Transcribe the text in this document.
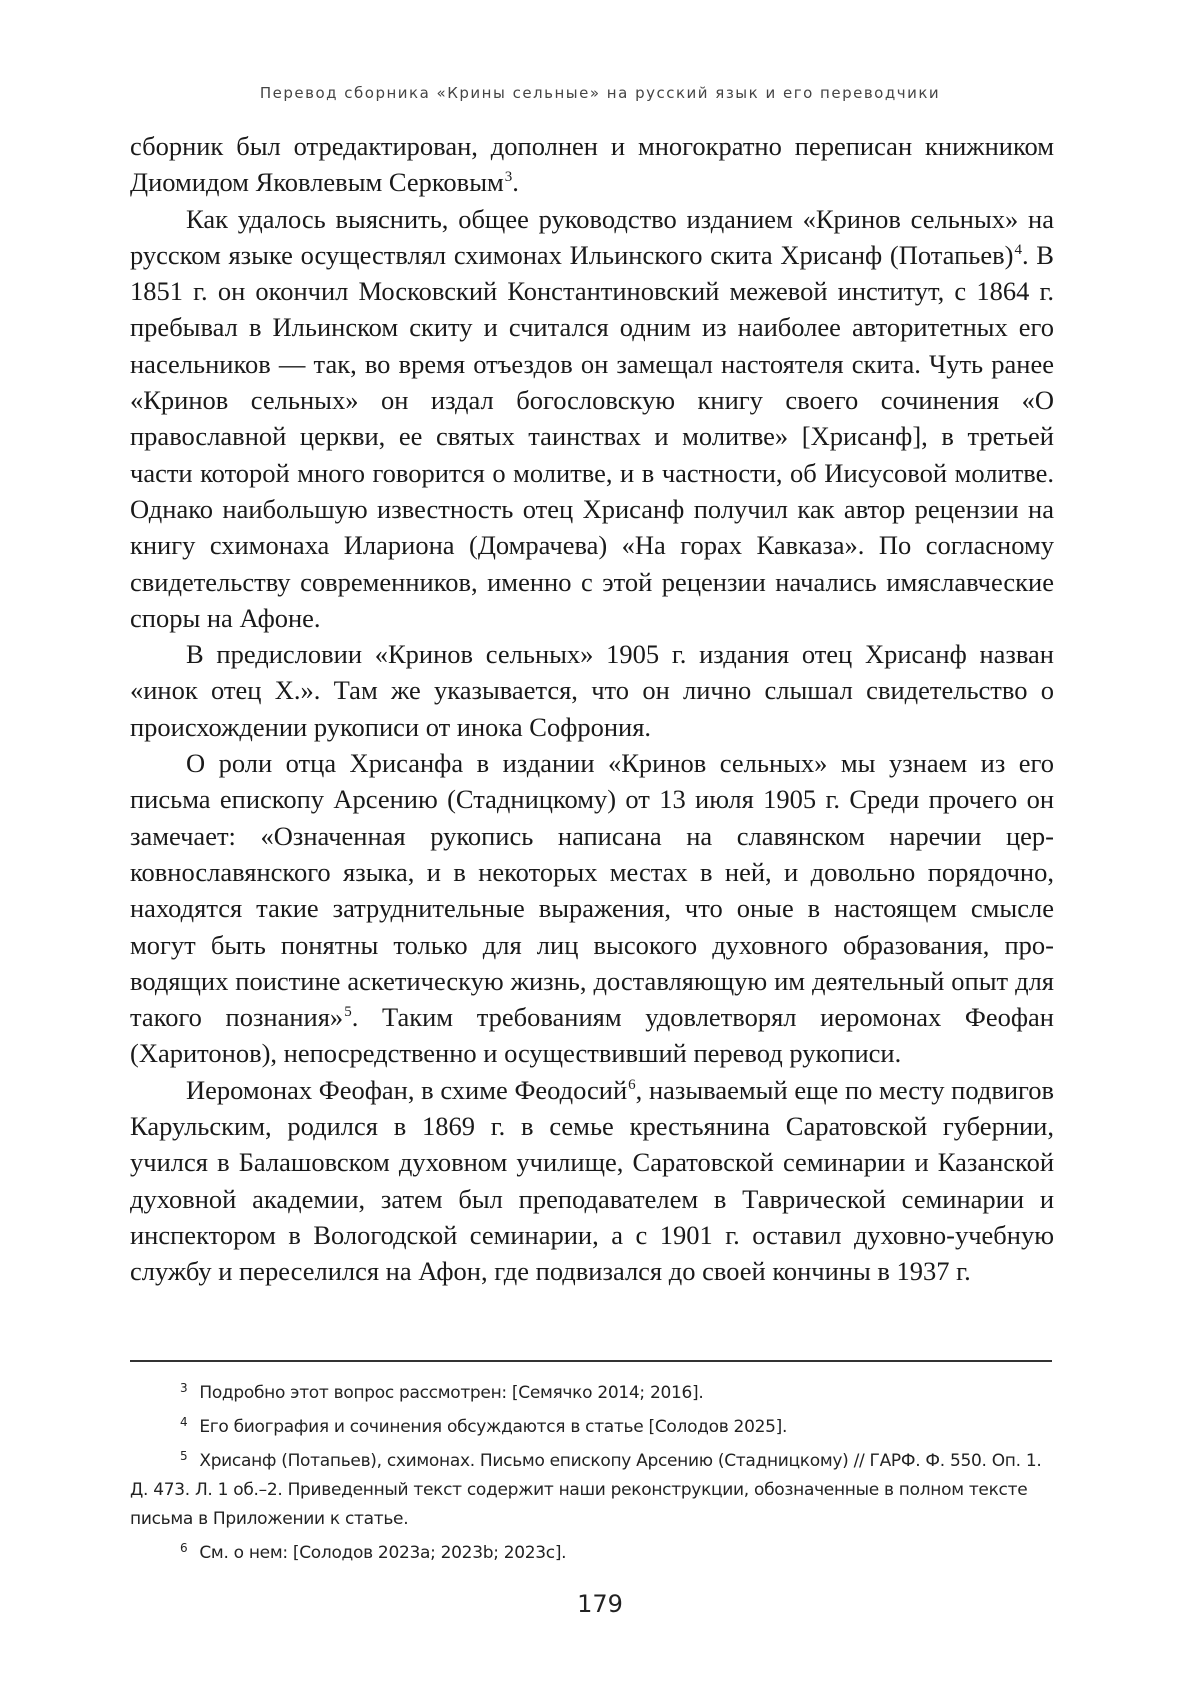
Перевод сборника «Крины сельные» на русский язык и его переводчики

сборник был отредактирован, дополнен и многократно переписан книжником Диомидом Яковлевым Серковым$^3$.

Как удалось выяснить, общее руководство изданием «Кринов сельных» на русском языке осуществлял схимонах Ильинского скита Хрисанф (Потапьев)$^4$. В 1851 г. он окончил Московский Константиновский межевой институт, с 1864 г. пребывал в Ильинском скиту и считался одним из наиболее авторитетных его насельников — так, во время отъездов он замещал настоятеля скита. Чуть ранее «Кринов сельных» он издал богословскую книгу своего сочинения «О православной церкви, ее святых таинствах и молитве» [Хрисанф], в третьей части которой много говорится о молитве, и в частности, об Иисусовой молитве. Однако наибольшую известность отец Хрисанф получил как автор рецензии на книгу схимонаха Илариона (Домрачева) «На горах Кавказа». По согласному свидетельству современников, именно с этой рецензии начались имяславческие споры на Афоне.

В предисловии «Кринов сельных» 1905 г. издания отец Хрисанф назван «инок отец Х.». Там же указывается, что он лично слышал свидетельство о происхождении рукописи от инока Софрония.

О роли отца Хрисанфа в издании «Кринов сельных» мы узнаем из его письма епископу Арсению (Стадницкому) от 13 июля 1905 г. Среди прочего он замечает: «Означенная рукопись написана на славянском наречии церковнославянского языка, и в некоторых местах в ней, и довольно порядочно, находятся такие затруднительные выражения, что оные в настоящем смысле могут быть понятны только для лиц высокого духовного образования, проводящих поистине аскетическую жизнь, доставляющую им деятельный опыт для такого познания»$^5$. Таким требованиям удовлетворял иеромонах Феофан (Харитонов), непосредственно и осуществивший перевод рукописи.

Иеромонах Феофан, в схиме Феодосий$^6$, называемый еще по месту подвигов Карульским, родился в 1869 г. в семье крестьянина Саратовской губернии, учился в Балашовском духовном училище, Саратовской семинарии и Казанской духовной академии, затем был преподавателем в Таврической семинарии и инспектором в Вологодской семинарии, а с 1901 г. оставил духовно-учебную службу и переселился на Афон, где подвизался до своей кончины в 1937 г.

$^3$ Подробно этот вопрос рассмотрен: [Семячко 2014; 2016].

$^4$ Его биография и сочинения обсуждаются в статье [Солодов 2025].

$^5$ Хрисанф (Потапьев), схимонах. Письмо епископу Арсению (Стадницкому) // ГАРФ. Ф. 550. Оп. 1. Д. 473. Л. 1 об.–2. Приведенный текст содержит наши реконструкции, обозначенные в полном тексте письма в Приложении к статье.

$^6$ См. о нем: [Солодов 2023a; 2023b; 2023c].

179
